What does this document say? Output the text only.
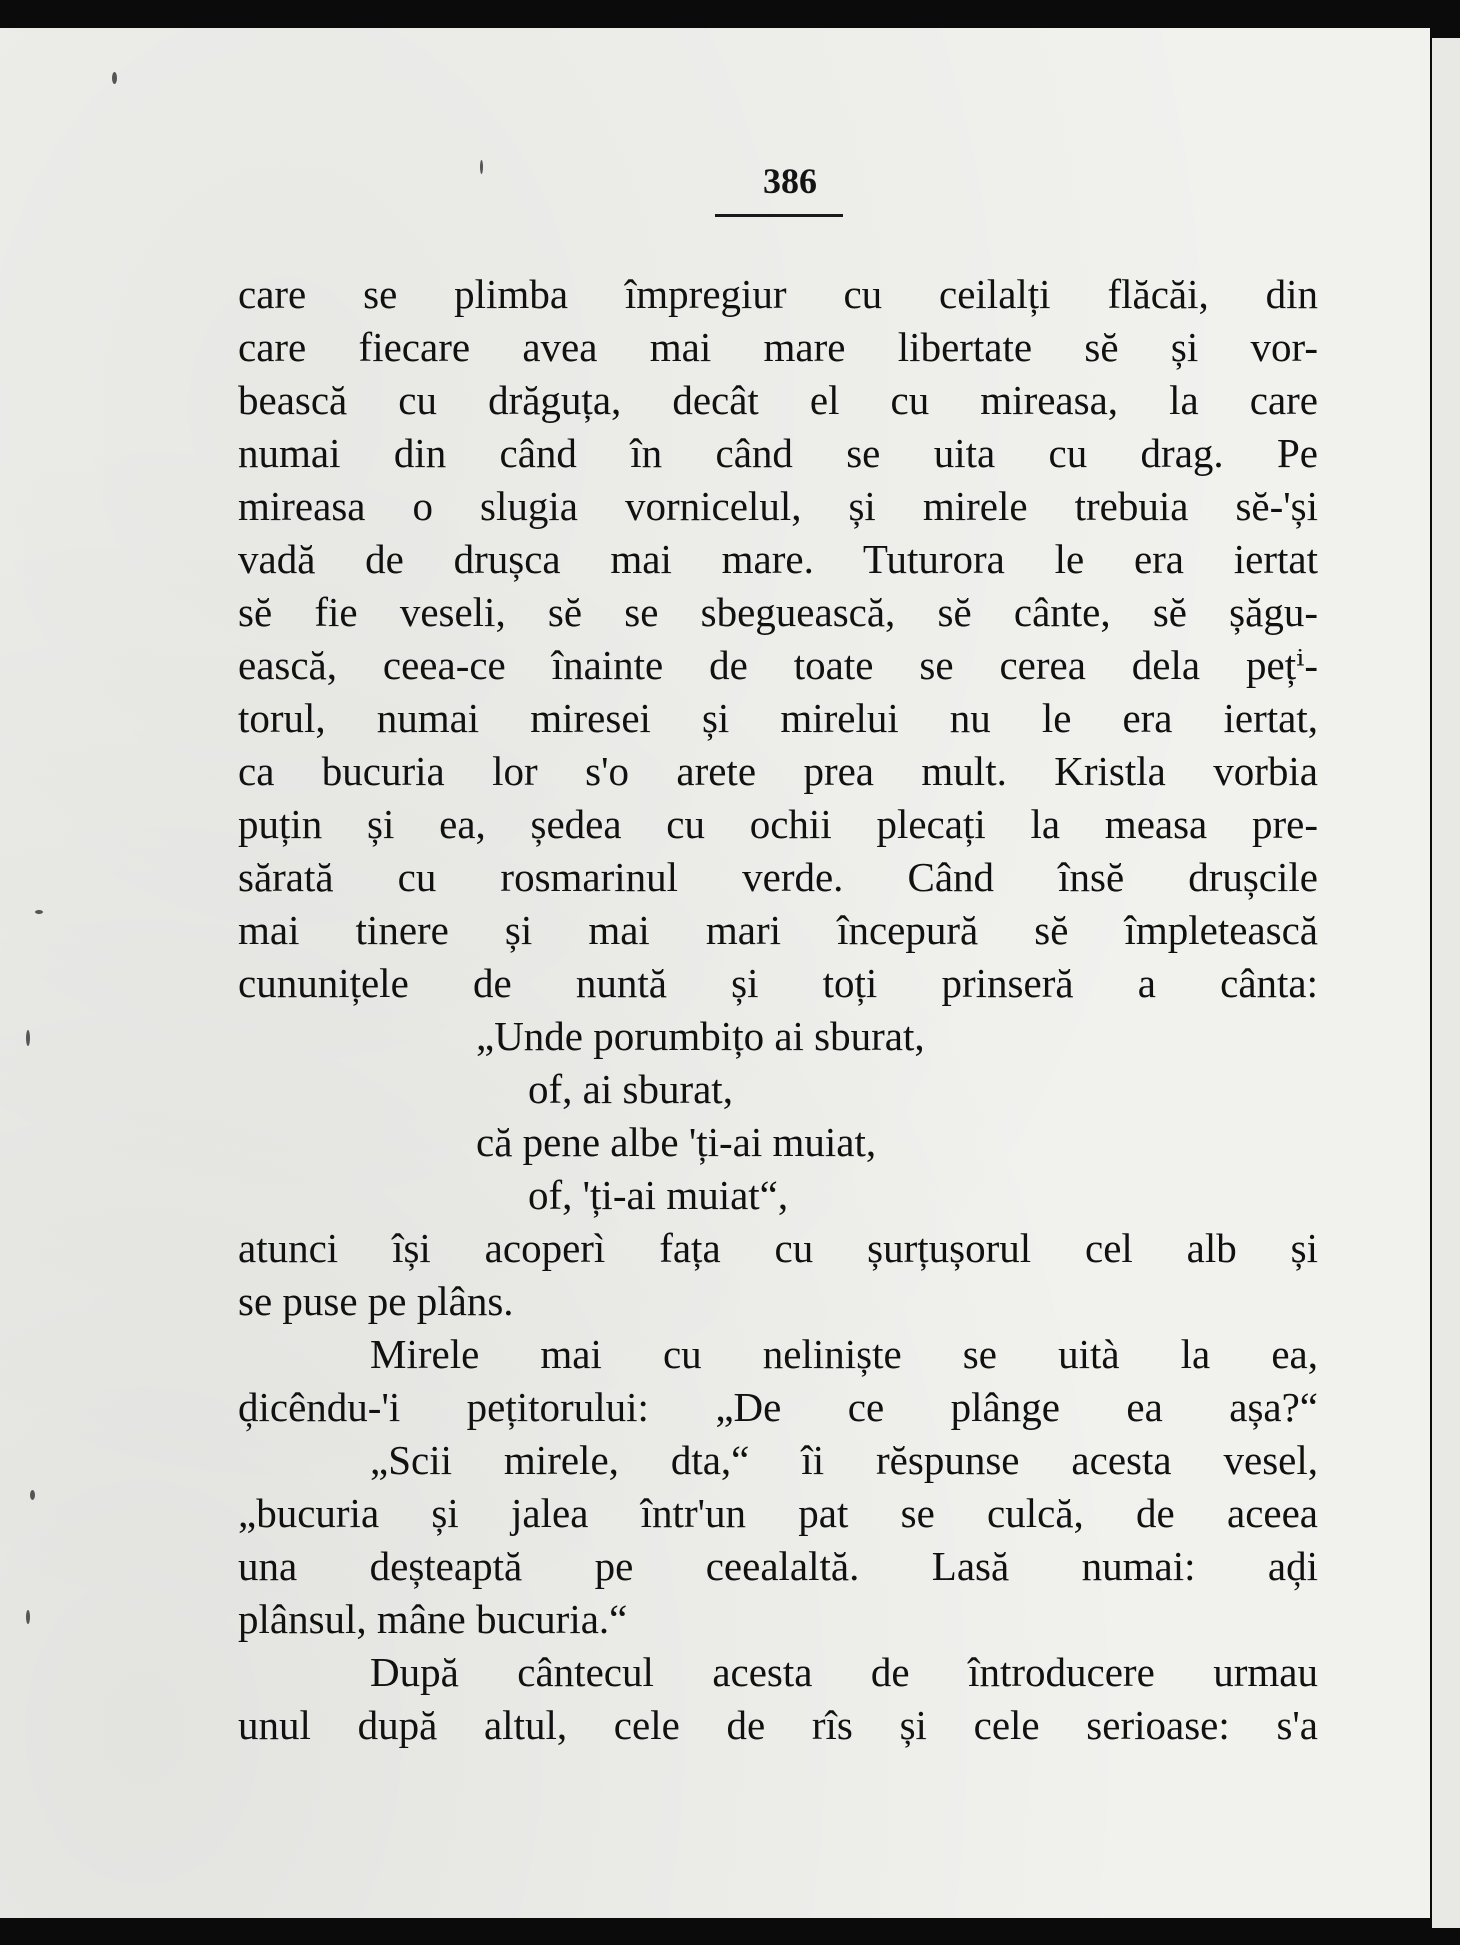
386
care se plimba împregiur cu ceilalți flăcăi, din
care fiecare avea mai mare libertate sĕ și vor-
bească cu drăguța, decât el cu mireasa, la care
numai din când în când se uita cu drag. Pe
mireasa o slugia vornicelul, și mirele trebuia sĕ-'și
vadă de drușca mai mare. Tuturora le era iertat
sĕ fie veseli, sĕ se sbeguească, sĕ cânte, sĕ șăgu-
ească, ceea-ce înainte de toate se cerea dela pețⁱ-
torul, numai miresei și mirelui nu le era iertat,
ca bucuria lor s'o arete prea mult. Kristla vorbia
puțin și ea, ședea cu ochii plecați la measa pre-
sărată cu rosmarinul verde. Când însĕ drușcile
mai tinere și mai mari începură sĕ împletească
cununițele de nuntă și toți prinseră a cânta:
„Unde porumbițo ai sburat,
of, ai sburat,
că pene albe 'ți-ai muiat,
of, 'ți-ai muiat“,
atunci își acoperì fața cu șurțușorul cel alb și
se puse pe plâns.
Mirele mai cu neliniște se uità la ea,
ḑicêndu-'i pețitorului: „De ce plânge ea așa?“
„Scii mirele, dta,“ îi rĕspunse acesta vesel,
„bucuria și jalea într'un pat se culcă, de aceea
una deșteaptă pe ceealaltă. Lasă numai: aḑi
plânsul, mâne bucuria.“
După cântecul acesta de întroducere urmau
unul după altul, cele de rîs și cele serioase: s'a
